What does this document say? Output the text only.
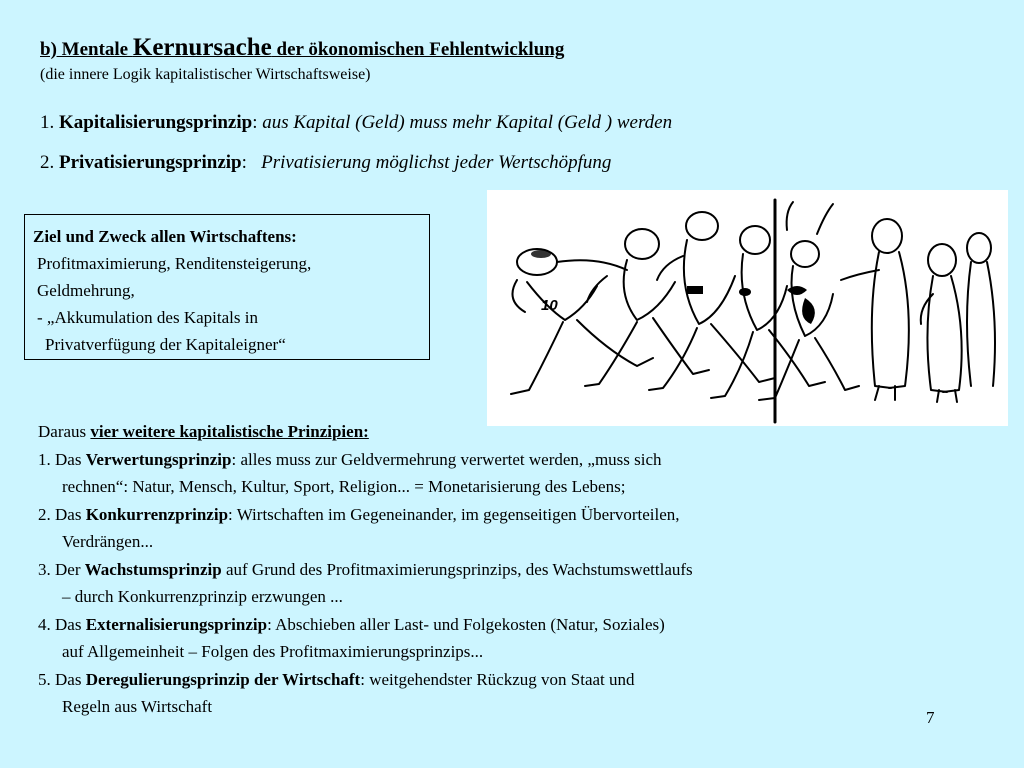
b) Mentale Kernursache der ökonomischen Fehlentwicklung
(die innere Logik kapitalistischer Wirtschaftsweise)
1. Kapitalisierungsprinzip: aus Kapital (Geld) muss mehr Kapital (Geld ) werden
2. Privatisierungsprinzip:   Privatisierung möglichst jeder Wertschöpfung
Ziel und Zweck allen Wirtschaftens:
Profitmaximierung, Renditensteigerung,
Geldmehrung,
- „Akkumulation des Kapitals in
Privatverfügung der Kapitaleigner“
10
Daraus vier weitere kapitalistische Prinzipien:
1. Das Verwertungsprinzip: alles muss zur Geldvermehrung verwertet werden, „muss sich
rechnen“: Natur, Mensch, Kultur, Sport, Religion... = Monetarisierung des Lebens;
2. Das Konkurrenzprinzip: Wirtschaften im Gegeneinander, im gegenseitigen Übervorteilen,
Verdrängen...
3. Der Wachstumsprinzip auf Grund des Profitmaximierungsprinzips, des Wachstumswettlaufs
– durch Konkurrenzprinzip erzwungen ...
4. Das Externalisierungsprinzip: Abschieben aller Last- und Folgekosten (Natur, Soziales)
auf Allgemeinheit – Folgen des Profitmaximierungsprinzips...
5. Das Deregulierungsprinzip der Wirtschaft: weitgehendster Rückzug von Staat und
Regeln aus Wirtschaft
7
